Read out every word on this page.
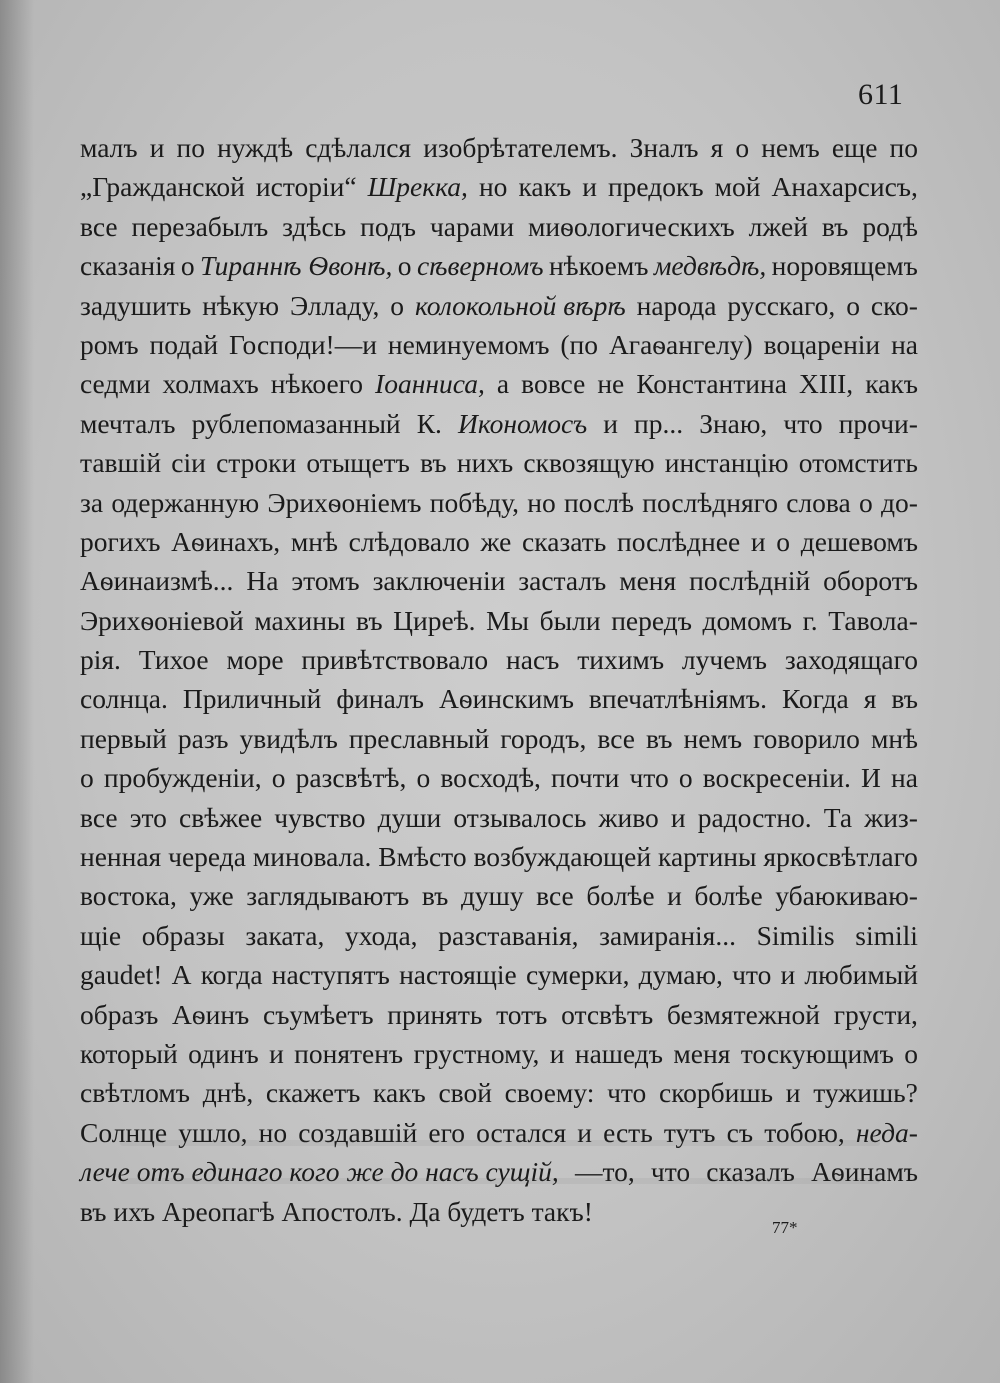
611
малъ и по нуждѣ сдѣлался изобрѣтателемъ. Зналъ я о немъ еще по
„Гражданской исторіи“ Шрекка, но какъ и предокъ мой Анахарсисъ,
все перезабылъ здѣсь подъ чарами миѳологическихъ лжей въ родѣ
сказанія о Тираннѣ Ѳвонѣ, о сѣверномъ нѣкоемъ медвѣдѣ, норовящемъ
задушить нѣкую Элладу, о колокольной вѣрѣ народа русскаго, о ско-
ромъ подай Господи!—и неминуемомъ (по Агаѳангелу) воцареніи на
седми холмахъ нѣкоего Іоанниса, а вовсе не Константина XIII, какъ
мечталъ рублепомазанный К. Икономосъ и пр... Знаю, что прочи-
тавшій сіи строки отыщетъ въ нихъ сквозящую инстанцію отомстить
за одержанную Эрихѳоніемъ побѣду, но послѣ послѣдняго слова о до-
рогихъ Аѳинахъ, мнѣ слѣдовало же сказать послѣднее и о дешевомъ
Аѳинаизмѣ... На этомъ заключеніи засталъ меня послѣдній оборотъ
Эрихѳоніевой махины въ Циреѣ. Мы были передъ домомъ г. Тавола-
рія. Тихое море привѣтствовало насъ тихимъ лучемъ заходящаго
солнца. Приличный финалъ Аѳинскимъ впечатлѣніямъ. Когда я въ
первый разъ увидѣлъ преславный городъ, все въ немъ говорило мнѣ
о пробужденіи, о разсвѣтѣ, о восходѣ, почти что о воскресеніи. И на
все это свѣжее чувство души отзывалось живо и радостно. Та жиз-
ненная череда миновала. Вмѣсто возбуждающей картины яркосвѣтлаго
востока, уже заглядываютъ въ душу все болѣе и болѣе убаюкиваю-
щіе образы заката, ухода, разставанія, замиранія... Similis simili
gaudet! А когда наступятъ настоящіе сумерки, думаю, что и любимый
образъ Аѳинъ съумѣетъ принять тотъ отсвѣтъ безмятежной грусти,
который одинъ и понятенъ грустному, и нашедъ меня тоскующимъ о
свѣтломъ днѣ, скажетъ какъ свой своему: что скорбишь и тужишь?
Солнце ушло, но создавшій его остался и есть тутъ съ тобою, неда-
лече отъ единаго кого же до насъ сущій, —то, что сказалъ Аѳинамъ
въ ихъ Ареопагѣ Апостолъ. Да будетъ такъ!
77*
